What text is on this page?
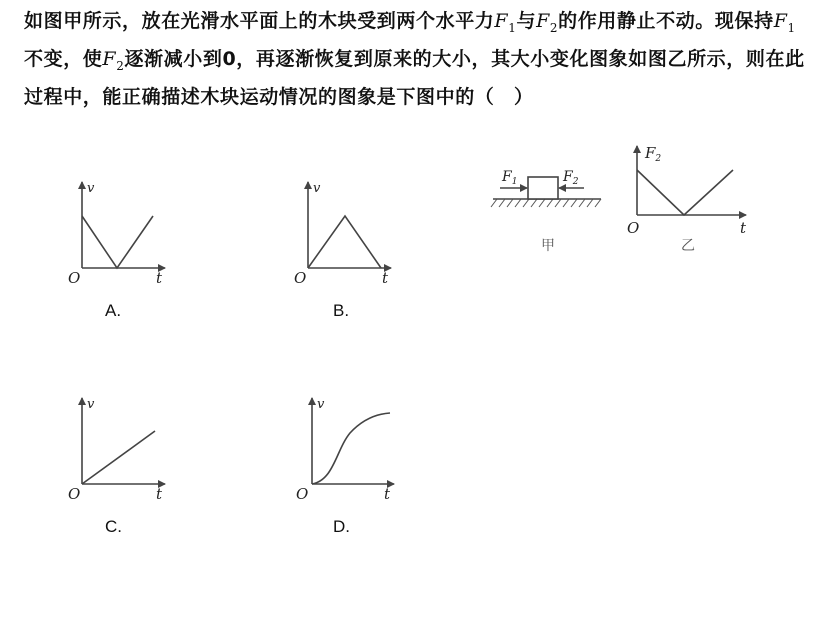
如图甲所示，放在光滑水平面上的木块受到两个水平力$F_1$与$F_2$的作用静止不动。现保持$F_1$不变，使$F_2$逐渐减小到0，再逐渐恢复到原来的大小，其大小变化图象如图乙所示，则在此过程中，能正确描述木块运动情况的图象是下图中的（　）
$F_1$	$F_2$
甲
$F_2$
O	t
乙
v
O	t
A.
v
O	t
B.
v
O	t
C.
v
O	t
D.
